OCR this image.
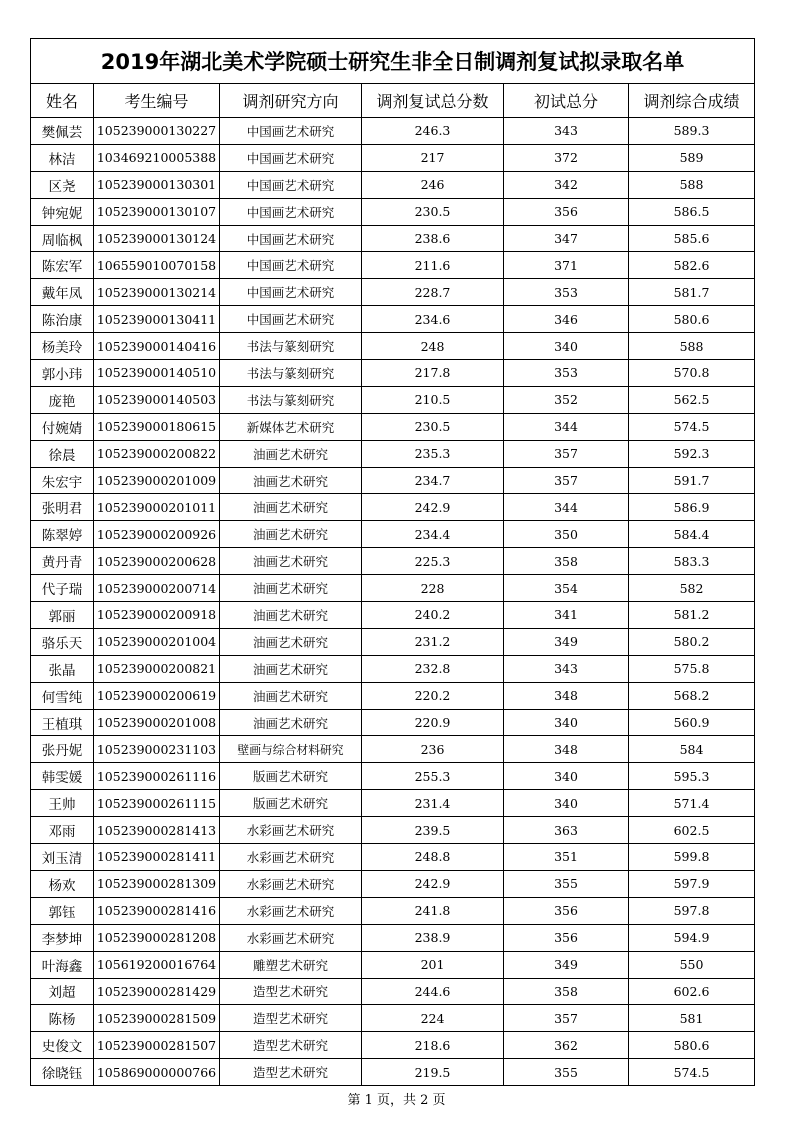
2019年湖北美术学院硕士研究生非全日制调剂复试拟录取名单					
姓名	考生编号	调剂研究方向	调剂复试总分数	初试总分	调剂综合成绩
樊佩芸	105239000130227	中国画艺术研究	246.3	343	589.3
林洁	103469210005388	中国画艺术研究	217	372	589
区尧	105239000130301	中国画艺术研究	246	342	588
钟宛妮	105239000130107	中国画艺术研究	230.5	356	586.5
周临枫	105239000130124	中国画艺术研究	238.6	347	585.6
陈宏军	106559010070158	中国画艺术研究	211.6	371	582.6
戴年凤	105239000130214	中国画艺术研究	228.7	353	581.7
陈治康	105239000130411	中国画艺术研究	234.6	346	580.6
杨美玲	105239000140416	书法与篆刻研究	248	340	588
郭小玮	105239000140510	书法与篆刻研究	217.8	353	570.8
庞艳	105239000140503	书法与篆刻研究	210.5	352	562.5
付婉婧	105239000180615	新媒体艺术研究	230.5	344	574.5
徐晨	105239000200822	油画艺术研究	235.3	357	592.3
朱宏宇	105239000201009	油画艺术研究	234.7	357	591.7
张明君	105239000201011	油画艺术研究	242.9	344	586.9
陈翠婷	105239000200926	油画艺术研究	234.4	350	584.4
黄丹青	105239000200628	油画艺术研究	225.3	358	583.3
代子瑞	105239000200714	油画艺术研究	228	354	582
郭丽	105239000200918	油画艺术研究	240.2	341	581.2
骆乐天	105239000201004	油画艺术研究	231.2	349	580.2
张晶	105239000200821	油画艺术研究	232.8	343	575.8
何雪纯	105239000200619	油画艺术研究	220.2	348	568.2
王植琪	105239000201008	油画艺术研究	220.9	340	560.9
张丹妮	105239000231103	壁画与综合材料研究	236	348	584
韩雯媛	105239000261116	版画艺术研究	255.3	340	595.3
王帅	105239000261115	版画艺术研究	231.4	340	571.4
邓雨	105239000281413	水彩画艺术研究	239.5	363	602.5
刘玉清	105239000281411	水彩画艺术研究	248.8	351	599.8
杨欢	105239000281309	水彩画艺术研究	242.9	355	597.9
郭钰	105239000281416	水彩画艺术研究	241.8	356	597.8
李梦坤	105239000281208	水彩画艺术研究	238.9	356	594.9
叶海鑫	105619200016764	雕塑艺术研究	201	349	550
刘超	105239000281429	造型艺术研究	244.6	358	602.6
陈杨	105239000281509	造型艺术研究	224	357	581
史俊文	105239000281507	造型艺术研究	218.6	362	580.6
徐晓钰	105869000000766	造型艺术研究	219.5	355	574.5
第 1 页，共 2 页
